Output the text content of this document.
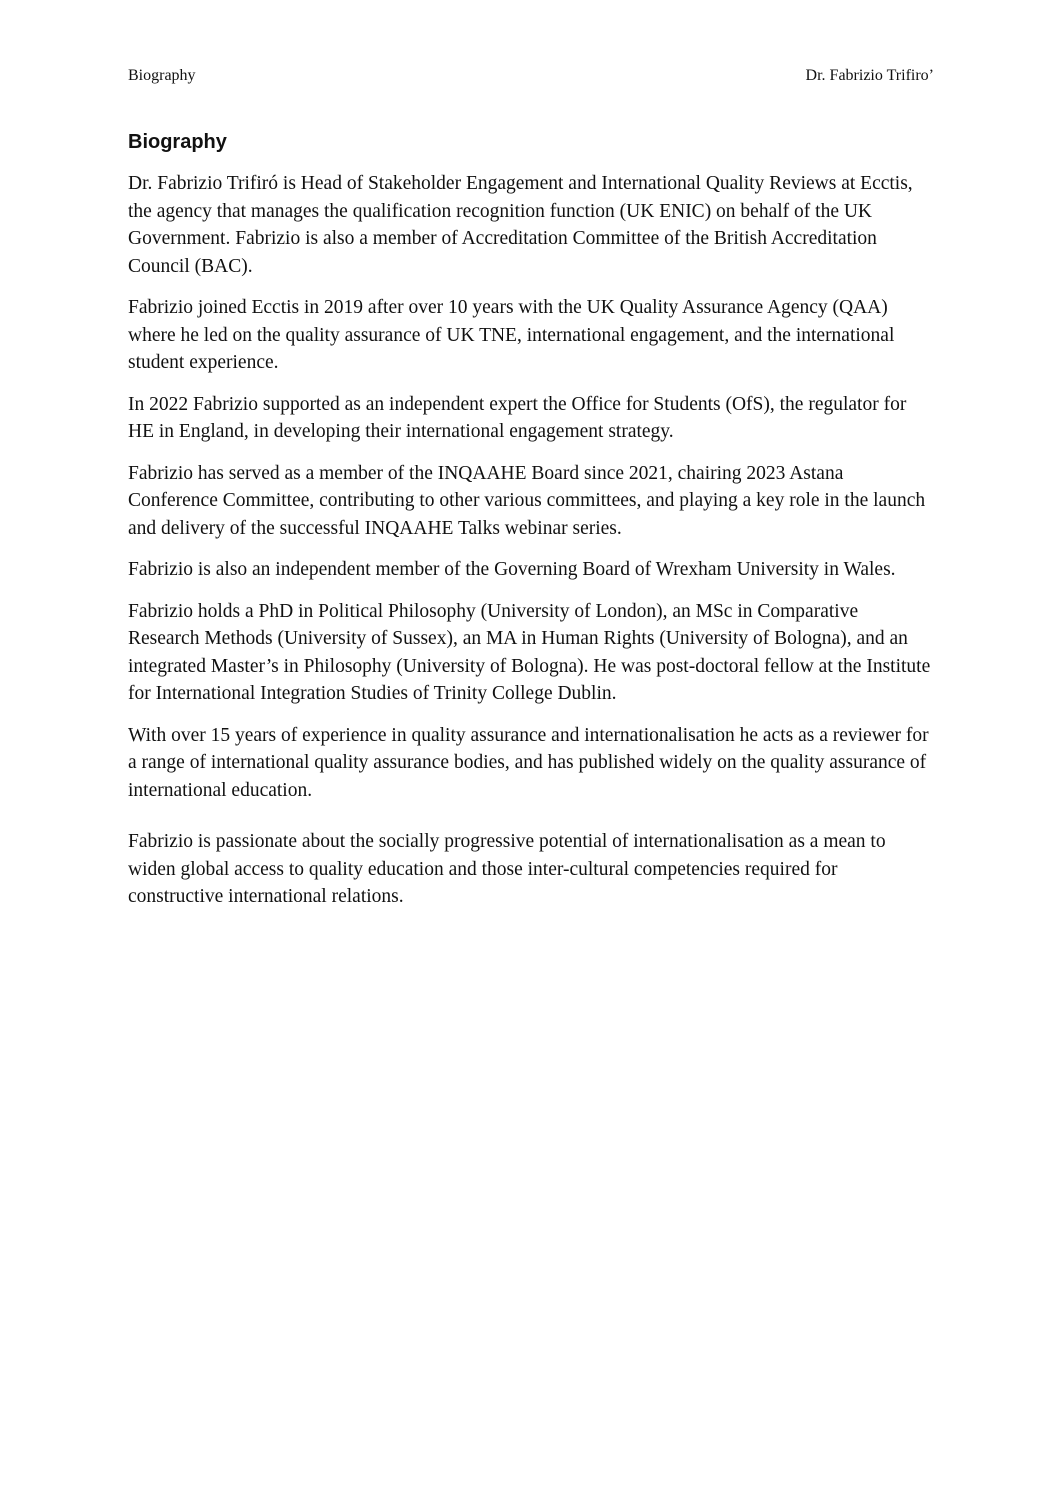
Biography	Dr. Fabrizio Trifiro’
Biography

Dr. Fabrizio Trifiró is Head of Stakeholder Engagement and International Quality Reviews at Ecctis, the agency that manages the qualification recognition function (UK ENIC) on behalf of the UK Government. Fabrizio is also a member of Accreditation Committee of the British Accreditation Council (BAC).

Fabrizio joined Ecctis in 2019 after over 10 years with the UK Quality Assurance Agency (QAA) where he led on the quality assurance of UK TNE, international engagement, and the international student experience.

In 2022 Fabrizio supported as an independent expert the Office for Students (OfS), the regulator for HE in England, in developing their international engagement strategy.

Fabrizio has served as a member of the INQAAHE Board since 2021, chairing 2023 Astana Conference Committee, contributing to other various committees, and playing a key role in the launch and delivery of the successful INQAAHE Talks webinar series.

Fabrizio is also an independent member of the Governing Board of Wrexham University in Wales.

Fabrizio holds a PhD in Political Philosophy (University of London), an MSc in Comparative Research Methods (University of Sussex), an MA in Human Rights (University of Bologna), and an integrated Master’s in Philosophy (University of Bologna). He was post-doctoral fellow at the Institute for International Integration Studies of Trinity College Dublin.

With over 15 years of experience in quality assurance and internationalisation he acts as a reviewer for a range of international quality assurance bodies, and has published widely on the quality assurance of international education.

Fabrizio is passionate about the socially progressive potential of internationalisation as a mean to widen global access to quality education and those inter-cultural competencies required for constructive international relations.
